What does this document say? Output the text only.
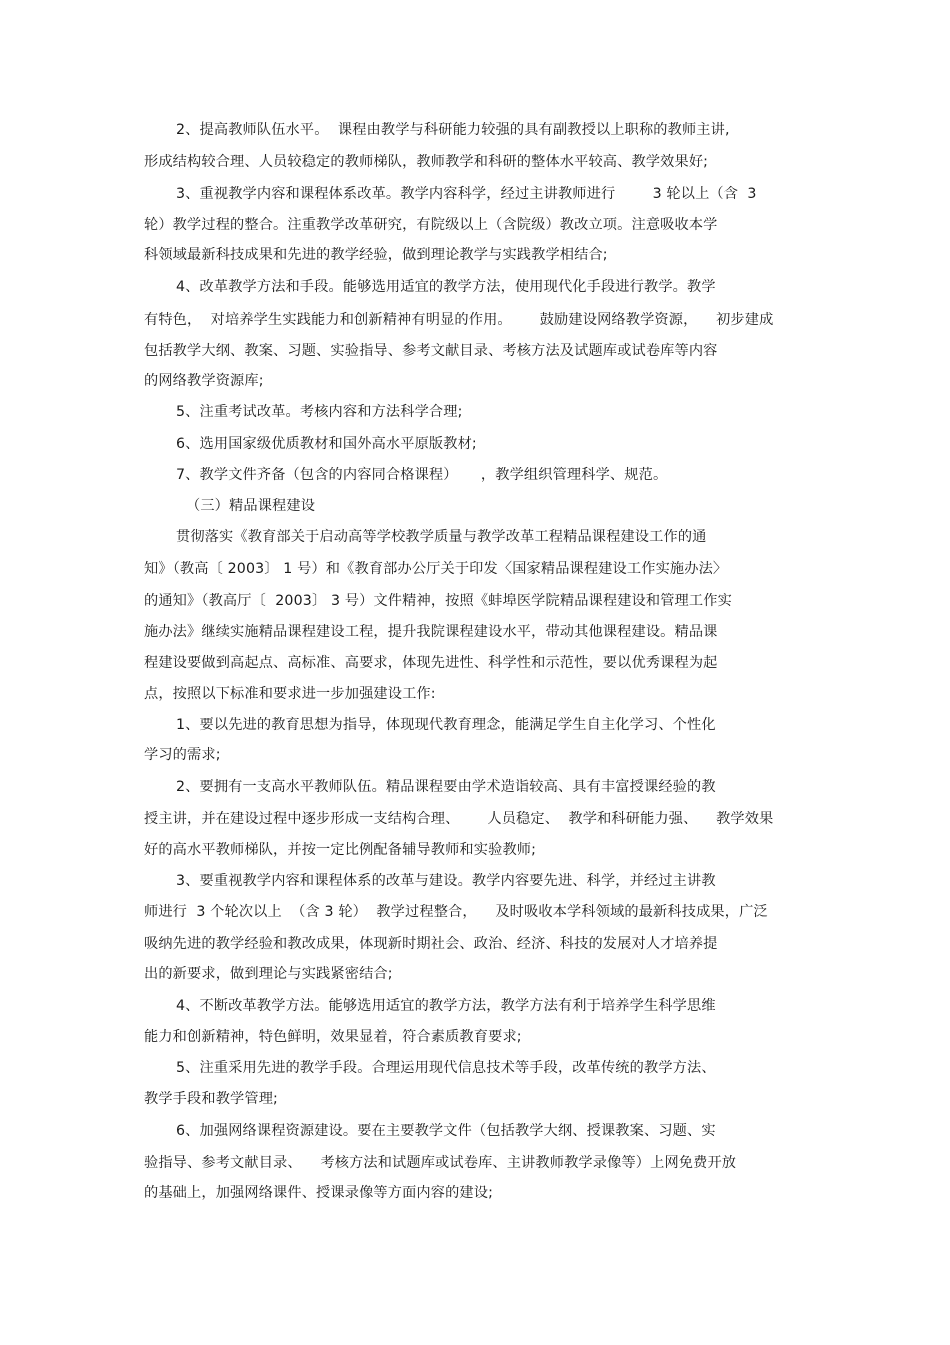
2、提高教师队伍水平。  课程由教学与科研能力较强的具有副教授以上职称的教师主讲,

形成结构较合理、人员较稳定的教师梯队，教师教学和科研的整体水平较高、教学效果好;

3、重视教学内容和课程体系改革。教学内容科学，经过主讲教师进行        3 轮以上（含  3

轮）教学过程的整合。注重教学改革研究，有院级以上（含院级）教改立项。注意吸收本学

科领域最新科技成果和先进的教学经验，做到理论教学与实践教学相结合;

4、改革教学方法和手段。能够选用适宜的教学方法，使用现代化手段进行教学。教学

有特色，  对培养学生实践能力和创新精神有明显的作用。      鼓励建设网络教学资源，    初步建成

包括教学大纲、教案、习题、实验指导、参考文献目录、考核方法及试题库或试卷库等内容

的网络教学资源库;

5、注重考试改革。考核内容和方法科学合理;

6、选用国家级优质教材和国外高水平原版教材;

7、教学文件齐备（包含的内容同合格课程）     ，教学组织管理科学、规范。

（三）精品课程建设

贯彻落实《教育部关于启动高等学校教学质量与教学改革工程精品课程建设工作的通

知》（教高〔 2003〕 1 号）和《教育部办公厅关于印发〈国家精品课程建设工作实施办法〉

的通知》（教高厅〔  2003〕 3 号）文件精神，按照《蚌埠医学院精品课程建设和管理工作实

施办法》继续实施精品课程建设工程，提升我院课程建设水平，带动其他课程建设。精品课

程建设要做到高起点、高标准、高要求，体现先进性、科学性和示范性，要以优秀课程为起

点，按照以下标准和要求进一步加强建设工作:

1、要以先进的教育思想为指导，体现现代教育理念，能满足学生自主化学习、个性化

学习的需求;

2、要拥有一支高水平教师队伍。精品课程要由学术造诣较高、具有丰富授课经验的教

授主讲，并在建设过程中逐步形成一支结构合理、      人员稳定、  教学和科研能力强、    教学效果

好的高水平教师梯队，并按一定比例配备辅导教师和实验教师;

3、要重视教学内容和课程体系的改革与建设。教学内容要先进、科学，并经过主讲教

师进行  3 个轮次以上  （含 3 轮）  教学过程整合，    及时吸收本学科领域的最新科技成果，广泛

吸纳先进的教学经验和教改成果，体现新时期社会、政治、经济、科技的发展对人才培养提

出的新要求，做到理论与实践紧密结合;

4、不断改革教学方法。能够选用适宜的教学方法，教学方法有利于培养学生科学思维

能力和创新精神，特色鲜明，效果显着，符合素质教育要求;

5、注重采用先进的教学手段。合理运用现代信息技术等手段，改革传统的教学方法、

教学手段和教学管理;

6、加强网络课程资源建设。要在主要教学文件（包括教学大纲、授课教案、习题、实

验指导、参考文献目录、    考核方法和试题库或试卷库、主讲教师教学录像等）上网免费开放

的基础上，加强网络课件、授课录像等方面内容的建设;
